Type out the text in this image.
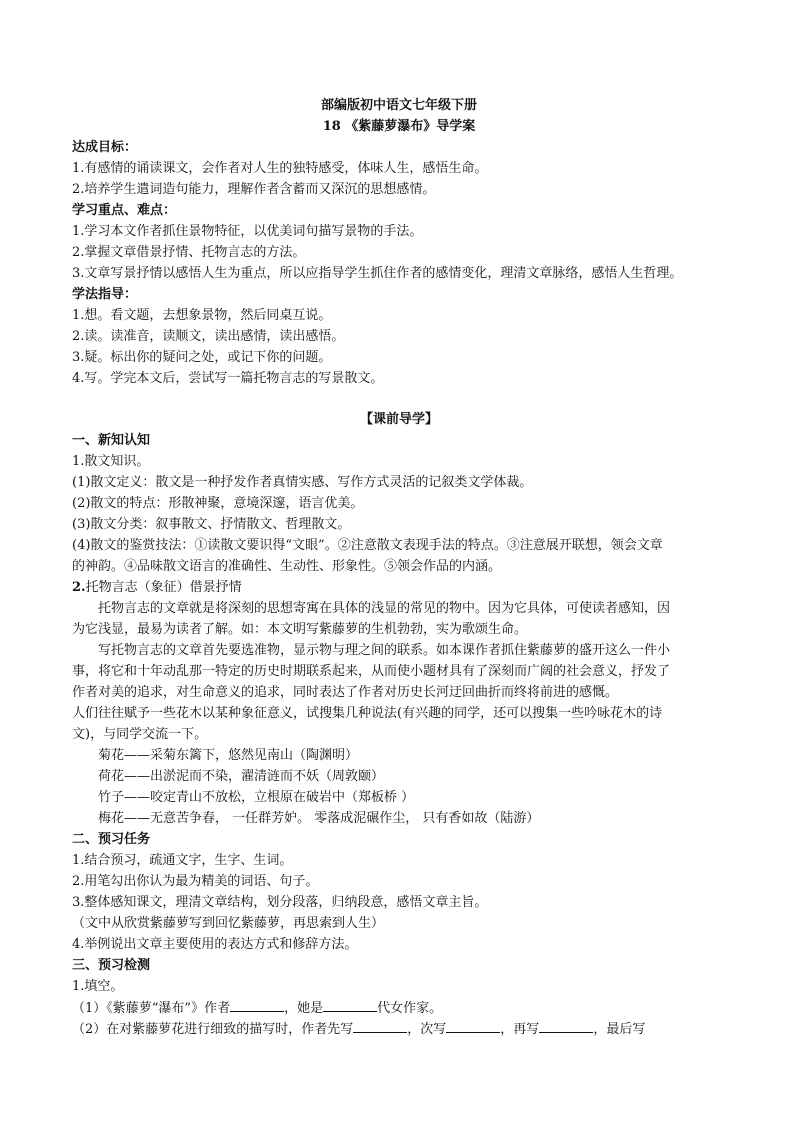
部编版初中语文七年级下册
18 《紫藤萝瀑布》导学案
达成目标：
1.有感情的诵读课文，会作者对人生的独特感受，体味人生，感悟生命。
2.培养学生遣词造句能力，理解作者含蓄而又深沉的思想感情。
学习重点、难点：
1.学习本文作者抓住景物特征，以优美词句描写景物的手法。
2.掌握文章借景抒情、托物言志的方法。
3.文章写景抒情以感悟人生为重点，所以应指导学生抓住作者的感情变化，理清文章脉络，感悟人生哲理。
学法指导：
1.想。看文题，去想象景物，然后同桌互说。
2.读。读准音，读顺文，读出感情，读出感悟。
3.疑。标出你的疑问之处，或记下你的问题。
4.写。学完本文后，尝试写一篇托物言志的写景散文。
【课前导学】
一、新知认知
1.散文知识。
(1)散文定义：散文是一种抒发作者真情实感、写作方式灵活的记叙类文学体裁。
(2)散文的特点：形散神聚，意境深邃，语言优美。
(3)散文分类：叙事散文、抒情散文、哲理散文。
(4)散文的鉴赏技法：①读散文要识得“文眼”。②注意散文表现手法的特点。③注意展开联想，领会文章
的神韵。④品味散文语言的准确性、生动性、形象性。⑤领会作品的内涵。
2.托物言志（象征）借景抒情
托物言志的文章就是将深刻的思想寄寓在具体的浅显的常见的物中。因为它具体，可使读者感知，因
为它浅显，最易为读者了解。如：本文明写紫藤萝的生机勃勃，实为歌颂生命。
写托物言志的文章首先要选准物，显示物与理之间的联系。如本课作者抓住紫藤萝的盛开这么一件小
事，将它和十年动乱那一特定的历史时期联系起来，从而使小题材具有了深刻而广阔的社会意义，抒发了
作者对美的追求，对生命意义的追求，同时表达了作者对历史长河迂回曲折而终将前进的感慨。
人们往往赋予一些花木以某种象征意义，试搜集几种说法(有兴趣的同学，还可以搜集一些吟咏花木的诗
文)，与同学交流一下。
菊花——采菊东篱下，悠然见南山（陶渊明）
荷花——出淤泥而不染，濯清涟而不妖（周敦颐）
竹子——咬定青山不放松，立根原在破岩中（郑板桥 ）
梅花——无意苦争春， 一任群芳妒。 零落成泥碾作尘， 只有香如故（陆游）
二、预习任务
1.结合预习，疏通文字，生字、生词。
2.用笔勾出你认为最为精美的词语、句子。
3.整体感知课文，理清文章结构，划分段落，归纳段意，感悟文章主旨。
（文中从欣赏紫藤萝写到回忆紫藤萝，再思索到人生）
4.举例说出文章主要使用的表达方式和修辞方法。
三、预习检测
1.填空。
（1）《紫藤萝“瀑布”》作者	，她是	代女作家。
（2）在对紫藤萝花进行细致的描写时，作者先写	，次写	，再写	，最后写
